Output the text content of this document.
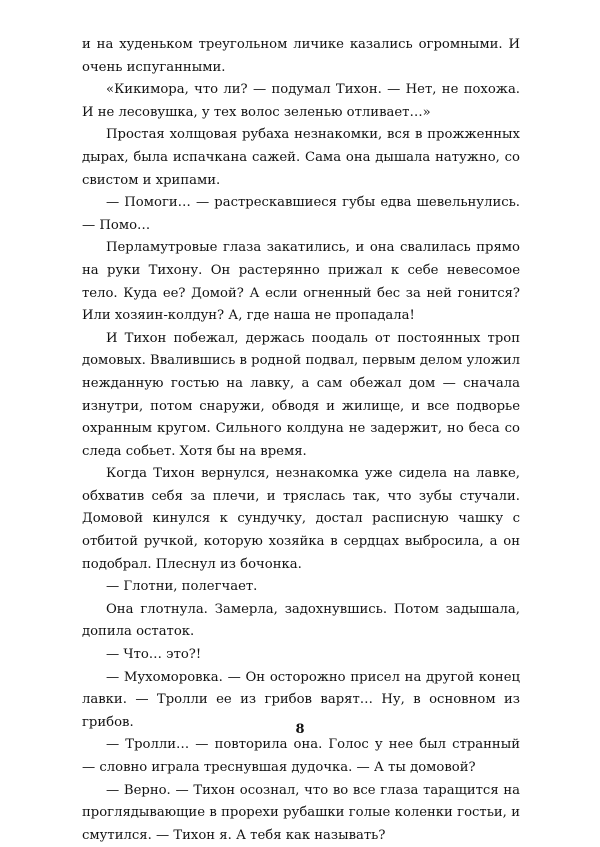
и на худеньком треугольном личике казались огромными. И очень испуганными.

«Кикимора, что ли? — подумал Тихон. — Нет, не похожа. И не лесовушка, у тех волос зеленью отливает…»

Простая холщовая рубаха незнакомки, вся в прожженных дырах, была испачкана сажей. Сама она дышала натужно, со свистом и хрипами.

— Помоги… — растрескавшиеся губы едва шевельнулись. — Помо…

Перламутровые глаза закатились, и она свалилась прямо на руки Тихону. Он растерянно прижал к себе невесомое тело. Куда ее? Домой? А если огненный бес за ней гонится? Или хозяин-колдун? А, где наша не пропадала!

И Тихон побежал, держась поодаль от постоянных троп домовых. Ввалившись в родной подвал, первым делом уложил нежданную гостью на лавку, а сам обежал дом — сначала изнутри, потом снаружи, обводя и жилище, и все подворье охранным кругом. Сильного колдуна не задержит, но беса со следа собьет. Хотя бы на время.

Когда Тихон вернулся, незнакомка уже сидела на лавке, обхватив себя за плечи, и тряслась так, что зубы стучали. Домовой кинулся к сундучку, достал расписную чашку с отбитой ручкой, которую хозяйка в сердцах выбросила, а он подобрал. Плеснул из бочонка.

— Глотни, полегчает.

Она глотнула. Замерла, задохнувшись. Потом задышала, допила остаток.

— Что… это?!

— Мухоморовка. — Он осторожно присел на другой конец лавки. — Тролли ее из грибов варят… Ну, в основном из грибов.

— Тролли… — повторила она. Голос у нее был странный — словно играла треснувшая дудочка. — А ты домовой?

— Верно. — Тихон осознал, что во все глаза таращится на проглядывающие в прорехи рубашки голые коленки гостьи, и смутился. — Тихон я. А тебя как называть?

8
